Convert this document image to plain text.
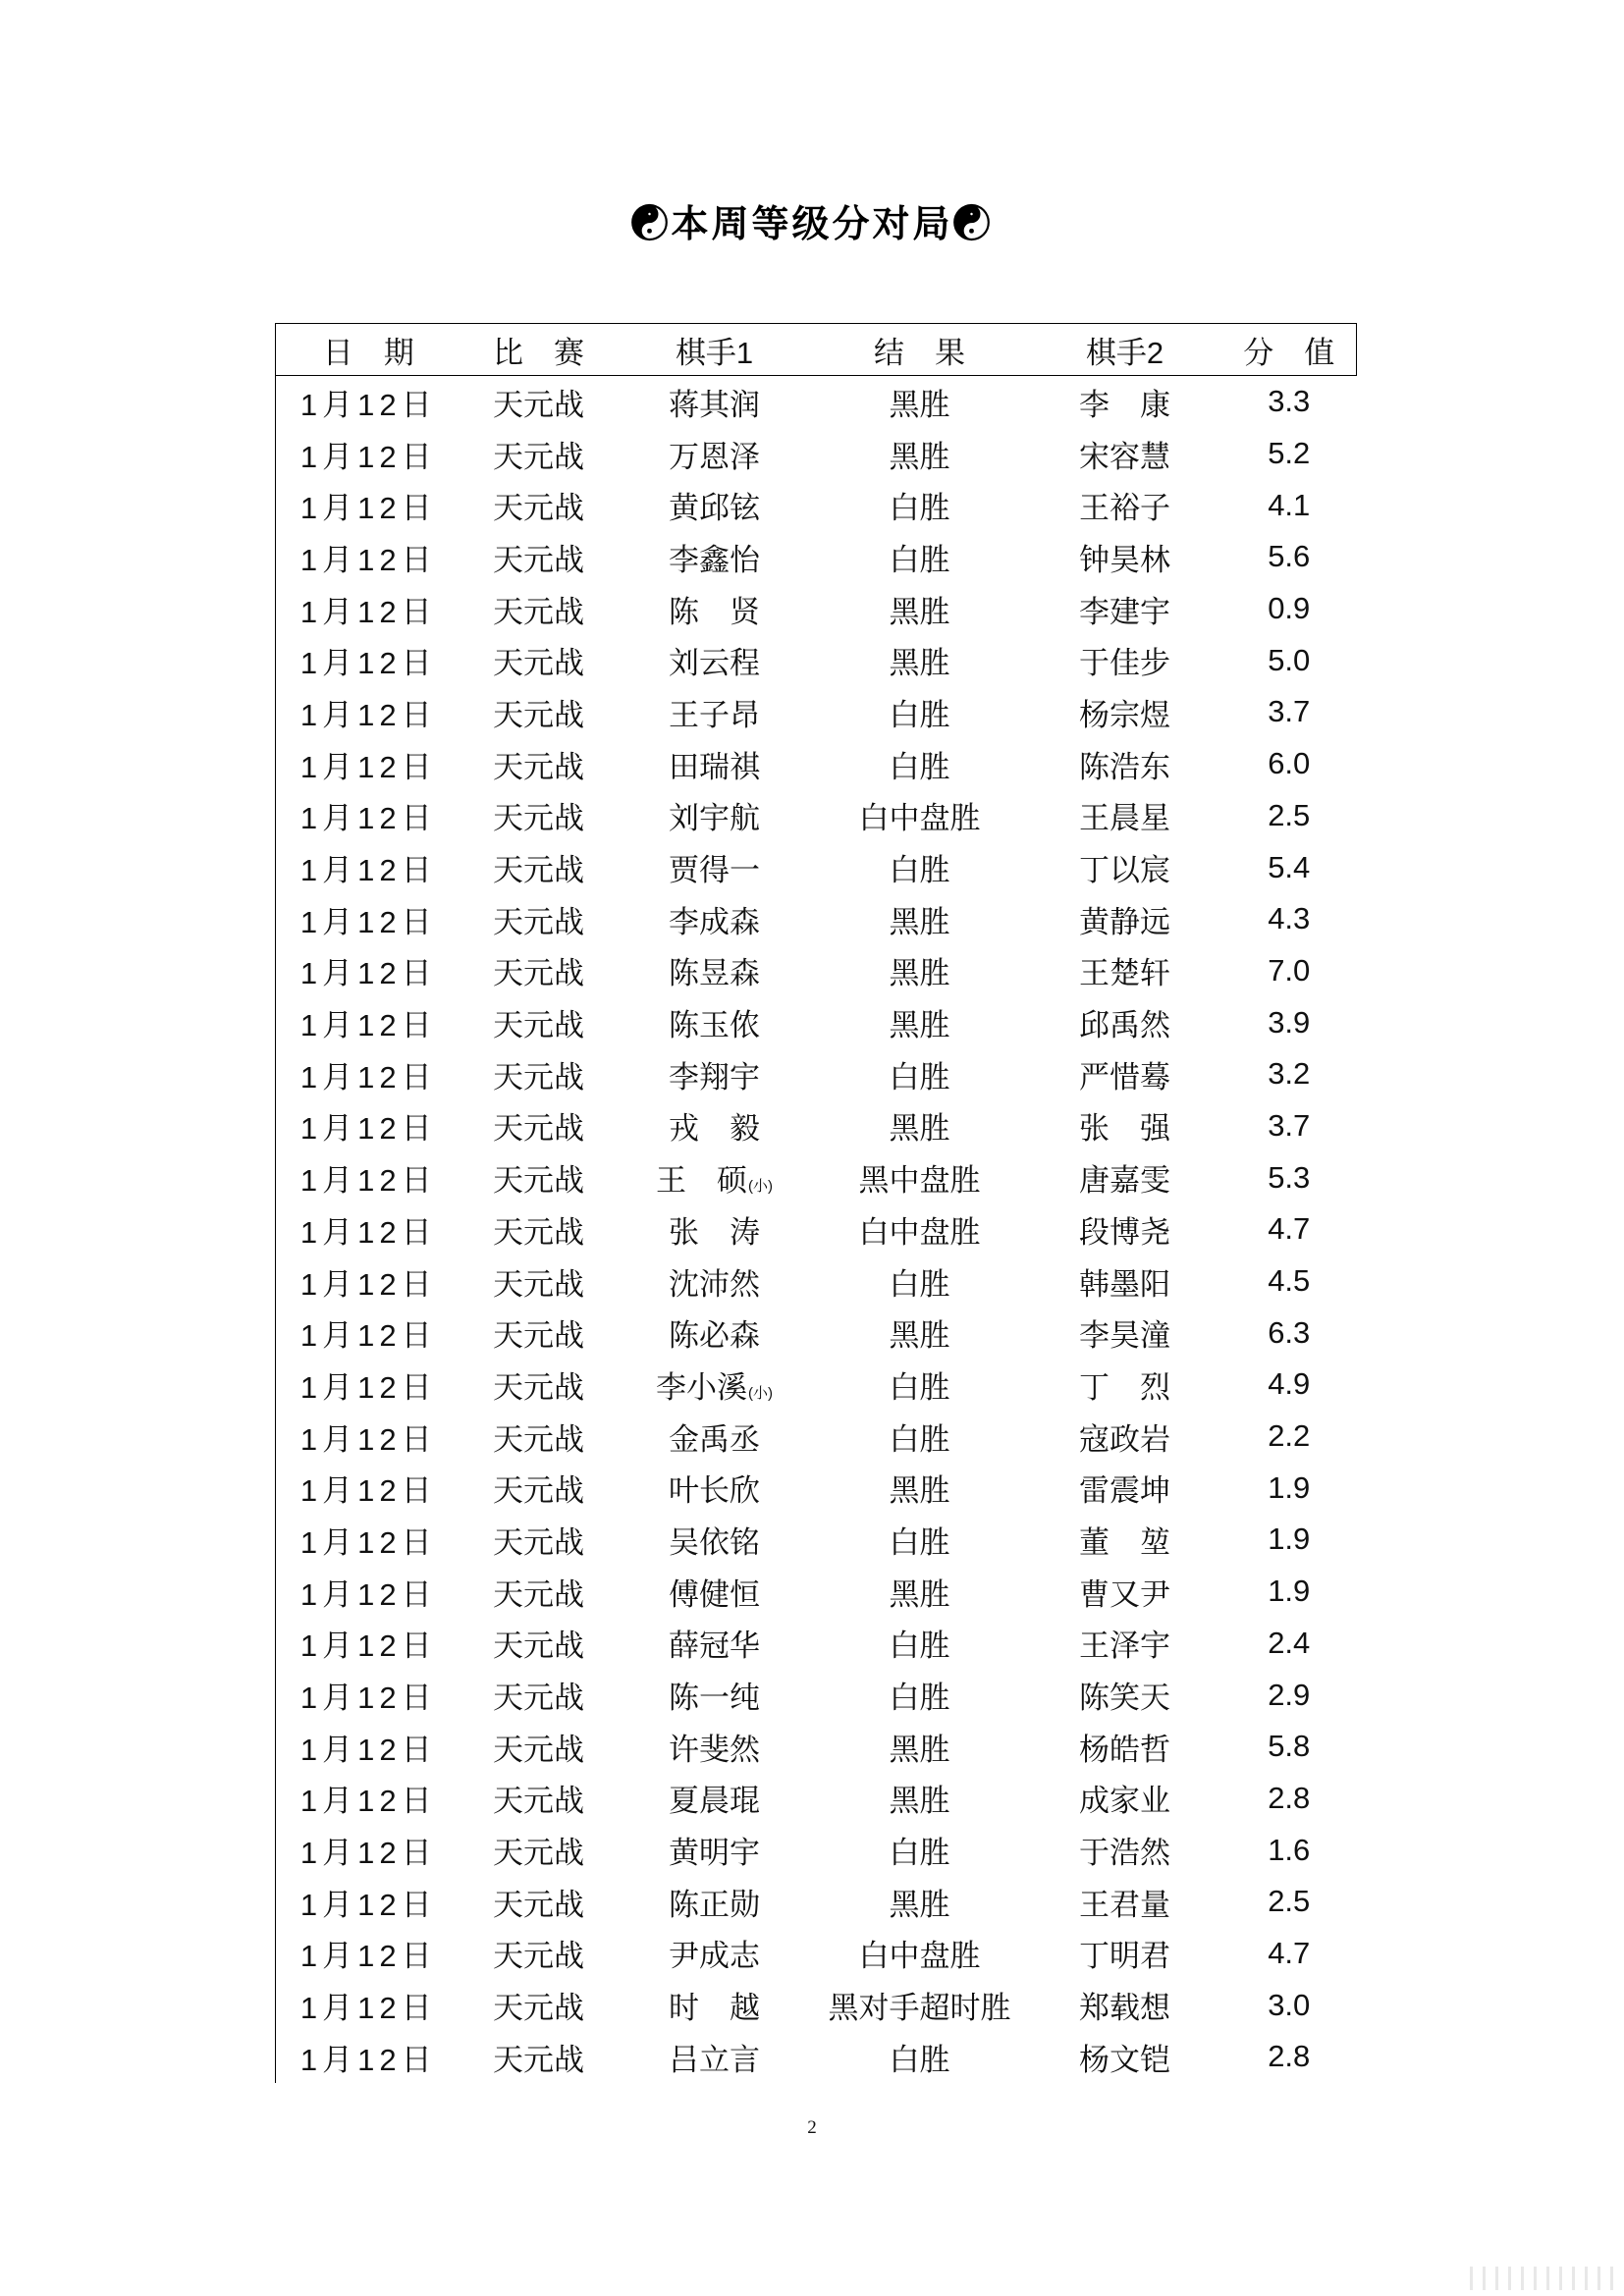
☯本周等级分对局☯
日 期	比 赛	棋手1	结 果	棋手2	分 值
1月12日	天元战	蒋其润	黑胜	李 康	3.3
1月12日	天元战	万恩泽	黑胜	宋容慧	5.2
1月12日	天元战	黄邱铉	白胜	王裕子	4.1
1月12日	天元战	李鑫怡	白胜	钟昊林	5.6
1月12日	天元战	陈 贤	黑胜	李建宇	0.9
1月12日	天元战	刘云程	黑胜	于佳步	5.0
1月12日	天元战	王子昂	白胜	杨宗煜	3.7
1月12日	天元战	田瑞祺	白胜	陈浩东	6.0
1月12日	天元战	刘宇航	白中盘胜	王晨星	2.5
1月12日	天元战	贾得一	白胜	丁以宸	5.4
1月12日	天元战	李成森	黑胜	黄静远	4.3
1月12日	天元战	陈昱森	黑胜	王楚轩	7.0
1月12日	天元战	陈玉侬	黑胜	邱禹然	3.9
1月12日	天元战	李翔宇	白胜	严惜蓦	3.2
1月12日	天元战	戎 毅	黑胜	张 强	3.7
1月12日	天元战	王 硕(小)	黑中盘胜	唐嘉雯	5.3
1月12日	天元战	张 涛	白中盘胜	段博尧	4.7
1月12日	天元战	沈沛然	白胜	韩墨阳	4.5
1月12日	天元战	陈必森	黑胜	李昊潼	6.3
1月12日	天元战	李小溪(小)	白胜	丁 烈	4.9
1月12日	天元战	金禹丞	白胜	寇政岩	2.2
1月12日	天元战	叶长欣	黑胜	雷震坤	1.9
1月12日	天元战	吴依铭	白胜	董 堃	1.9
1月12日	天元战	傅健恒	黑胜	曹又尹	1.9
1月12日	天元战	薛冠华	白胜	王泽宇	2.4
1月12日	天元战	陈一纯	白胜	陈笑天	2.9
1月12日	天元战	许斐然	黑胜	杨皓哲	5.8
1月12日	天元战	夏晨琨	黑胜	成家业	2.8
1月12日	天元战	黄明宇	白胜	于浩然	1.6
1月12日	天元战	陈正勋	黑胜	王君量	2.5
1月12日	天元战	尹成志	白中盘胜	丁明君	4.7
1月12日	天元战	时 越	黑对手超时胜	郑载想	3.0
1月12日	天元战	吕立言	白胜	杨文铠	2.8
2
